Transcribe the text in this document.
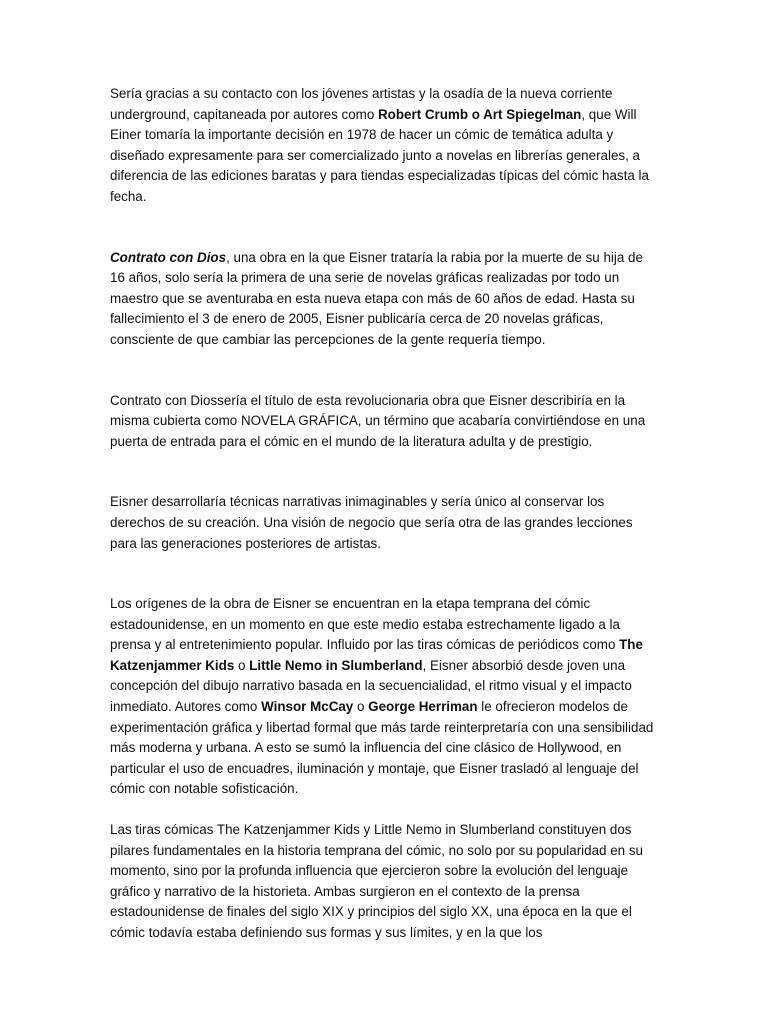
Sería gracias a su contacto con los jóvenes artistas y la osadía de la nueva corriente underground, capitaneada por autores como Robert Crumb o Art Spiegelman, que Will Einer tomaría la importante decisión en 1978 de hacer un cómic de temática adulta y diseñado expresamente para ser comercializado junto a novelas en librerías generales, a diferencia de las ediciones baratas y para tiendas especializadas típicas del cómic hasta la fecha.

Contrato con Dios, una obra en la que Eisner trataría la rabia por la muerte de su hija de 16 años, solo sería la primera de una serie de novelas gráficas realizadas por todo un maestro que se aventuraba en esta nueva etapa con más de 60 años de edad. Hasta su fallecimiento el 3 de enero de 2005, Eisner publicaría cerca de 20 novelas gráficas, consciente de que cambiar las percepciones de la gente requería tiempo.

Contrato con Diossería el título de esta revolucionaria obra que Eisner describiría en la misma cubierta como NOVELA GRÁFICA, un término que acabaría convirtiéndose en una puerta de entrada para el cómic en el mundo de la literatura adulta y de prestigio.

Eisner desarrollaría técnicas narrativas inimaginables y sería único al conservar los derechos de su creación. Una visión de negocio que sería otra de las grandes lecciones para las generaciones posteriores de artistas.

Los orígenes de la obra de Eisner se encuentran en la etapa temprana del cómic estadounidense, en un momento en que este medio estaba estrechamente ligado a la prensa y al entretenimiento popular. Influido por las tiras cómicas de periódicos como The Katzenjammer Kids o Little Nemo in Slumberland, Eisner absorbió desde joven una concepción del dibujo narrativo basada en la secuencialidad, el ritmo visual y el impacto inmediato. Autores como Winsor McCay o George Herriman le ofrecieron modelos de experimentación gráfica y libertad formal que más tarde reinterpretaría con una sensibilidad más moderna y urbana. A esto se sumó la influencia del cine clásico de Hollywood, en particular el uso de encuadres, iluminación y montaje, que Eisner trasladó al lenguaje del cómic con notable sofisticación.

Las tiras cómicas The Katzenjammer Kids y Little Nemo in Slumberland constituyen dos pilares fundamentales en la historia temprana del cómic, no solo por su popularidad en su momento, sino por la profunda influencia que ejercieron sobre la evolución del lenguaje gráfico y narrativo de la historieta. Ambas surgieron en el contexto de la prensa estadounidense de finales del siglo XIX y principios del siglo XX, una época en la que el cómic todavía estaba definiendo sus formas y sus límites, y en la que los
